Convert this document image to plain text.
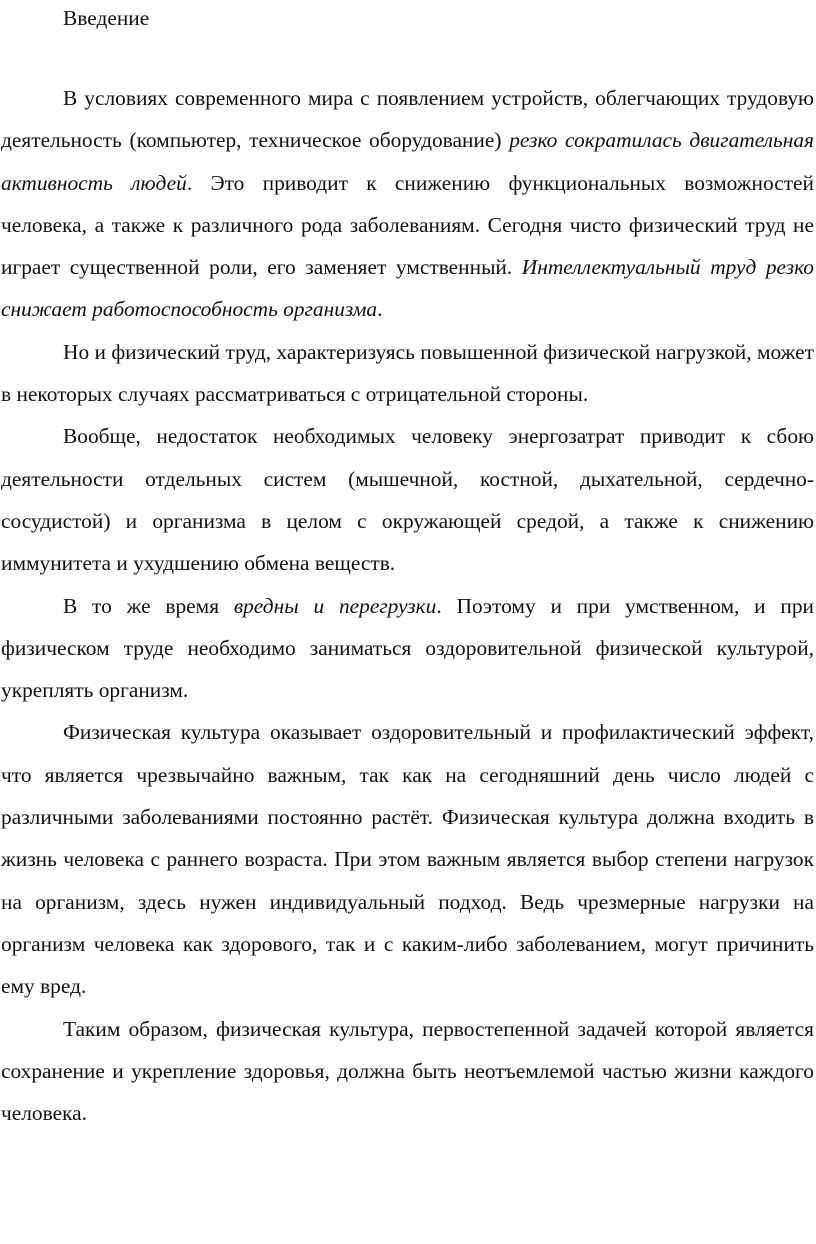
Введение

В условиях современного мира с появлением устройств, облегчающих трудовую деятельность (компьютер, техническое оборудование) резко сократилась двигательная активность людей. Это приводит к снижению функциональных возможностей человека, а также к различного рода заболеваниям. Сегодня чисто физический труд не играет существенной роли, его заменяет умственный. Интеллектуальный труд резко снижает работоспособность организма.

Но и физический труд, характеризуясь повышенной физической нагрузкой, может в некоторых случаях рассматриваться с отрицательной стороны.

Вообще, недостаток необходимых человеку энергозатрат приводит к сбою деятельности отдельных систем (мышечной, костной, дыхательной, сердечно-сосудистой) и организма в целом с окружающей средой, а также к снижению иммунитета и ухудшению обмена веществ.

В то же время вредны и перегрузки. Поэтому и при умственном, и при физическом труде необходимо заниматься оздоровительной физической культурой, укреплять организм.

Физическая культура оказывает оздоровительный и профилактический эффект, что является чрезвычайно важным, так как на сегодняшний день число людей с различными заболеваниями постоянно растёт. Физическая культура должна входить в жизнь человека с раннего возраста. При этом важным является выбор степени нагрузок на организм, здесь нужен индивидуальный подход. Ведь чрезмерные нагрузки на организм человека как здорового, так и с каким-либо заболеванием, могут причинить ему вред.

Таким образом, физическая культура, первостепенной задачей которой является сохранение и укрепление здоровья, должна быть неотъемлемой частью жизни каждого человека.
